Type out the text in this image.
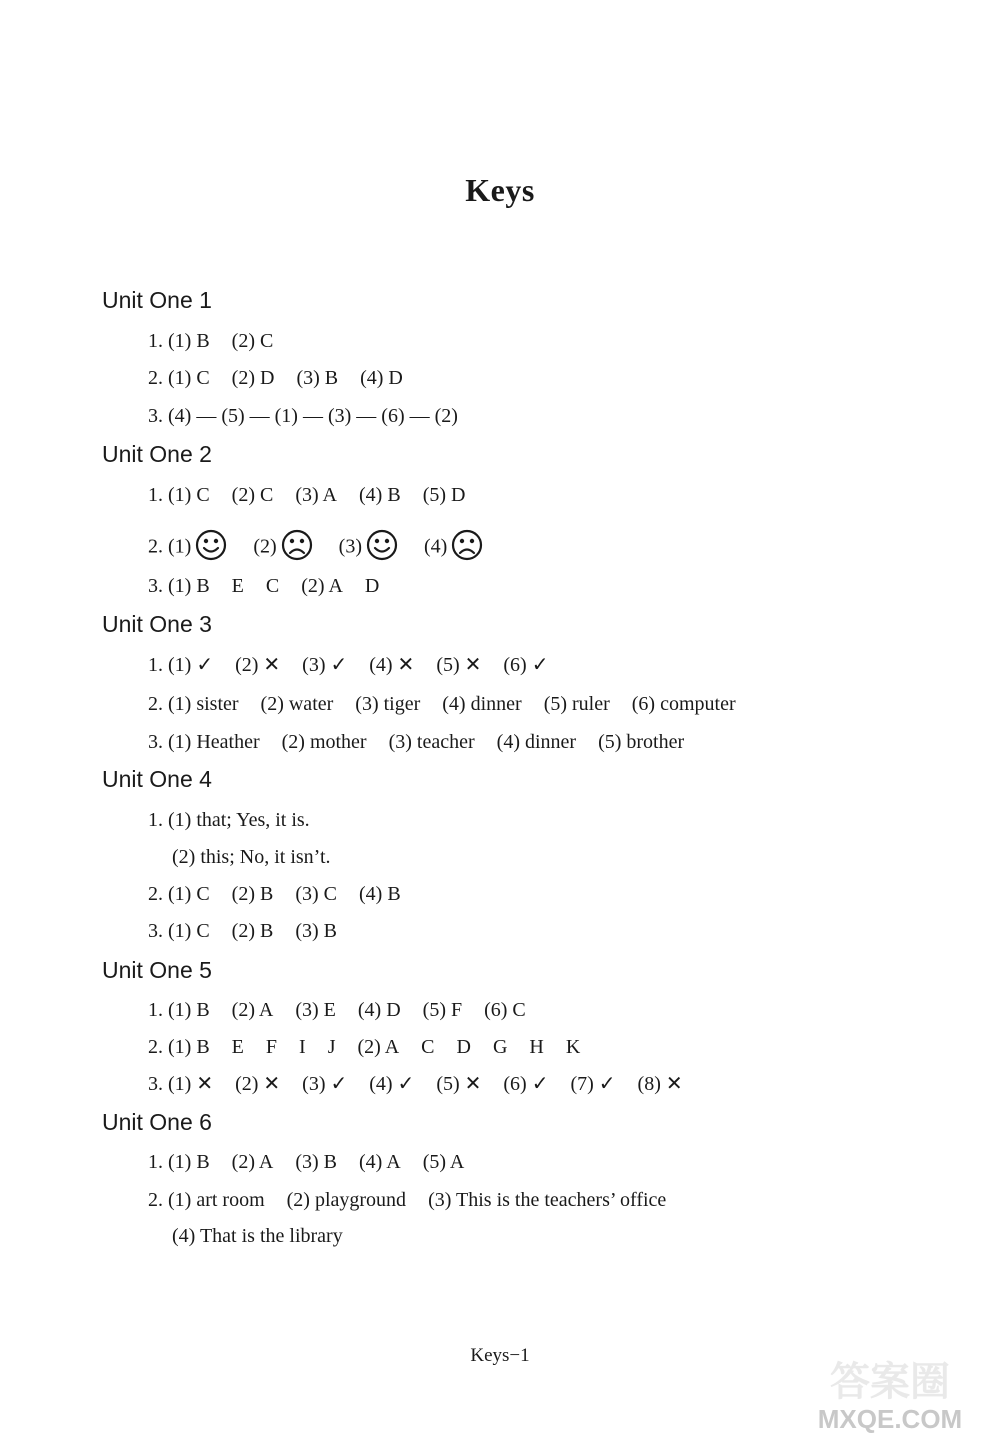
Keys
Unit One 1
1. (1) B (2) C
2. (1) C (2) D (3) B (4) D
3. (4) — (5) — (1) — (3) — (6) — (2)
Unit One 2
1. (1) C (2) C (3) A (4) B (5) D
2. (1)	(2)	(3)	(4)
3. (1) B E C (2) A D
Unit One 3
1. (1) ✓ (2) ✕ (3) ✓ (4) ✕ (5) ✕ (6) ✓
2. (1) sister (2) water (3) tiger (4) dinner (5) ruler (6) computer
3. (1) Heather (2) mother (3) teacher (4) dinner (5) brother
Unit One 4
1. (1) that; Yes, it is.
(2) this; No, it isn’t.
2. (1) C (2) B (3) C (4) B
3. (1) C (2) B (3) B
Unit One 5
1. (1) B (2) A (3) E (4) D (5) F (6) C
2. (1) B E F I J (2) A C D G H K
3. (1) ✕ (2) ✕ (3) ✓ (4) ✓ (5) ✕ (6) ✓ (7) ✓ (8) ✕
Unit One 6
1. (1) B (2) A (3) B (4) A (5) A
2. (1) art room (2) playground (3) This is the teachers’ office
(4) That is the library
Keys−1
答案圈
MXQE.COM
